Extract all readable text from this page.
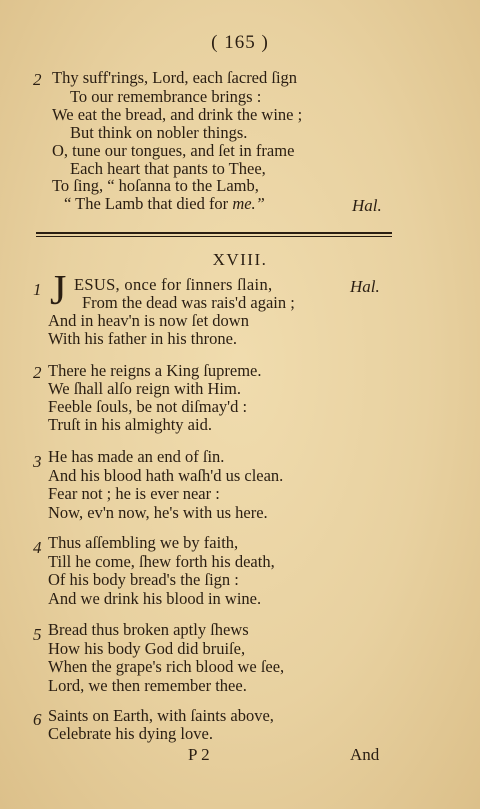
( 165 )
2 Thy suff'rings, Lord, each ſacred ſign
To our remembrance brings :
We eat the bread, and drink the wine ;
But think on nobler things.
O, tune our tongues, and ſet in frame
Each heart that pants to Thee,
To ſing, “ hoſanna to the Lamb,
“ The Lamb that died for me.”	Hal.
XVIII.
1 J ESUS, once for ſinners ſlain,	Hal.
From the dead was rais'd again ;
And in heav'n is now ſet down
With his father in his throne.
2 There he reigns a King ſupreme.
We ſhall alſo reign with Him.
Feeble ſouls, be not diſmay'd :
Truſt in his almighty aid.
3 He has made an end of ſin.
And his blood hath waſh'd us clean.
Fear not ; he is ever near :
Now, ev'n now, he's with us here.
4 Thus aſſembling we by faith,
Till he come, ſhew forth his death,
Of his body bread's the ſign :
And we drink his blood in wine.
5 Bread thus broken aptly ſhews
How his body God did bruiſe,
When the grape's rich blood we ſee,
Lord, we then remember thee.
6 Saints on Earth, with ſaints above,
Celebrate his dying love.
P 2	And
